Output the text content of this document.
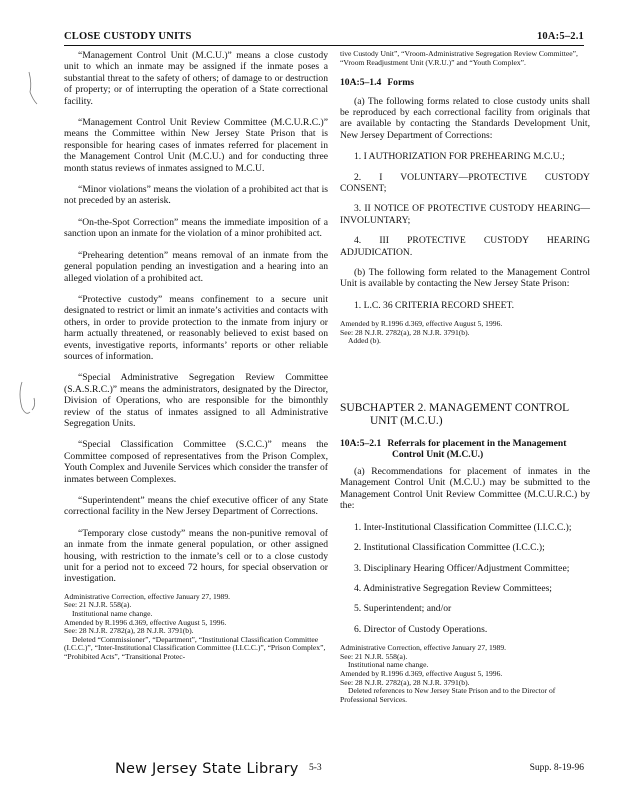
CLOSE CUSTODY UNITS	10A:5–2.1

“Management Control Unit (M.C.U.)” means a close custody unit to which an inmate may be assigned if the inmate poses a substantial threat to the safety of others; of damage to or destruction of property; or of interrupting the operation of a State correctional facility.

“Management Control Unit Review Committee (M.C.U.R.C.)” means the Committee within New Jersey State Prison that is responsible for hearing cases of inmates referred for placement in the Management Control Unit (M.C.U.) and for conducting three month status reviews of inmates assigned to M.C.U.

“Minor violations” means the violation of a prohibited act that is not preceded by an asterisk.

“On-the-Spot Correction” means the immediate imposition of a sanction upon an inmate for the violation of a minor prohibited act.

“Prehearing detention” means removal of an inmate from the general population pending an investigation and a hearing into an alleged violation of a prohibited act.

“Protective custody” means confinement to a secure unit designated to restrict or limit an inmate’s activities and contacts with others, in order to provide protection to the inmate from injury or harm actually threatened, or reasonably believed to exist based on events, investigative reports, informants’ reports or other reliable sources of information.

“Special Administrative Segregation Review Committee (S.A.S.R.C.)” means the administrators, designated by the Director, Division of Operations, who are responsible for the bimonthly review of the status of inmates assigned to all Administrative Segregation Units.

“Special Classification Committee (S.C.C.)” means the Committee composed of representatives from the Prison Complex, Youth Complex and Juvenile Services which consider the transfer of inmates between Complexes.

“Superintendent” means the chief executive officer of any State correctional facility in the New Jersey Department of Corrections.

“Temporary close custody” means the non-punitive removal of an inmate from the inmate general population, or other assigned housing, with restriction to the inmate’s cell or to a close custody unit for a period not to exceed 72 hours, for special observation or investigation.

Administrative Correction, effective January 27, 1989.

See: 21 N.J.R. 558(a).

Institutional name change.

Amended by R.1996 d.369, effective August 5, 1996.

See: 28 N.J.R. 2782(a), 28 N.J.R. 3791(b).

Deleted “Commissioner”, “Department”, “Institutional Classification Committee (I.C.C.)”, “Inter-Institutional Classification Committee (I.I.C.C.)”, “Prison Complex”, “Prohibited Acts”, “Transitional Protec-

tive Custody Unit”, “Vroom-Administrative Segregation Review Committee”, “Vroom Readjustment Unit (V.R.U.)” and “Youth Complex”.

10A:5–1.4 Forms

(a) The following forms related to close custody units shall be reproduced by each correctional facility from originals that are available by contacting the Standards Development Unit, New Jersey Department of Corrections:

1. I AUTHORIZATION FOR PREHEARING M.C.U.;

2. I VOLUNTARY—PROTECTIVE CUSTODY CONSENT;

3. II NOTICE OF PROTECTIVE CUSTODY HEARING—INVOLUNTARY;

4. III PROTECTIVE CUSTODY HEARING ADJUDICATION.

(b) The following form related to the Management Control Unit is available by contacting the New Jersey State Prison:

1. L.C. 36 CRITERIA RECORD SHEET.

Amended by R.1996 d.369, effective August 5, 1996.

See: 28 N.J.R. 2782(a), 28 N.J.R. 3791(b).

Added (b).

SUBCHAPTER 2. MANAGEMENT CONTROL
UNIT (M.C.U.)
10A:5–2.1 Referrals for placement in the Management Control Unit (M.C.U.)

(a) Recommendations for placement of inmates in the Management Control Unit (M.C.U.) may be submitted to the Management Control Unit Review Committee (M.C.U.R.C.) by the:

1. Inter-Institutional Classification Committee (I.I.C.C.);

2. Institutional Classification Committee (I.C.C.);

3. Disciplinary Hearing Officer/Adjustment Committee;

4. Administrative Segregation Review Committees;

5. Superintendent; and/or

6. Director of Custody Operations.

Administrative Correction, effective January 27, 1989.

See: 21 N.J.R. 558(a).

Institutional name change.

Amended by R.1996 d.369, effective August 5, 1996.

See: 28 N.J.R. 2782(a), 28 N.J.R. 3791(b).

Deleted references to New Jersey State Prison and to the Director of Professional Services.

New Jersey State Library 5-3	Supp. 8-19-96
